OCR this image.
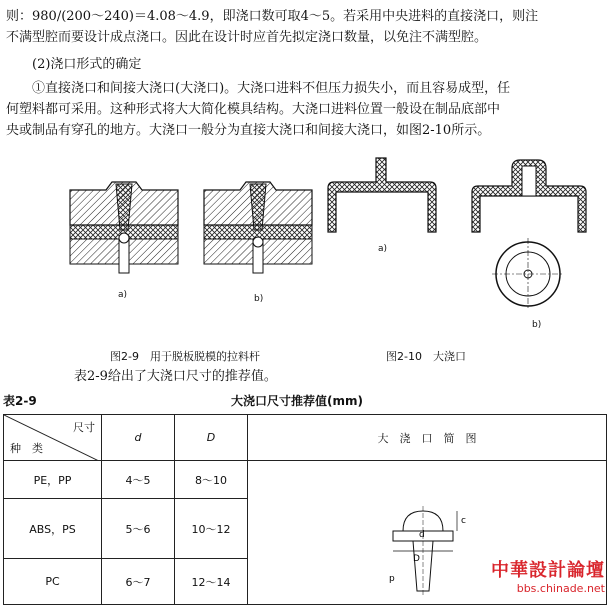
则：980/(200～240)＝4.08～4.9，即浇口数可取4～5。若采用中央进料的直接浇口，则注
不满型腔而要设计成点浇口。因此在设计时应首先拟定浇口数量，以免注不满型腔。
(2)浇口形式的确定
①直接浇口和间接大浇口(大浇口)。大浇口进料不但压力损失小，而且容易成型，任
何塑料都可采用。这种形式将大大简化模具结构。大浇口进料位置一般设在制品底部中
央或制品有穿孔的地方。大浇口一般分为直接大浇口和间接大浇口，如图2-10所示。
a)	b)
a)
b)
图2-9　用于脱板脱模的拉料杆	图2-10　大浇口
表2-9给出了大浇口尺寸的推荐值。
表2-9	大浇口尺寸推荐值(mm)
尺寸
种　类	d	D	大　浇　口　简　图
PE，PP	4～5	8～10	c
d
D
p

ABS，PS	5～6	10～12	
PC	6～7	12～14	
中華設計論壇
bbs.chinade.net
